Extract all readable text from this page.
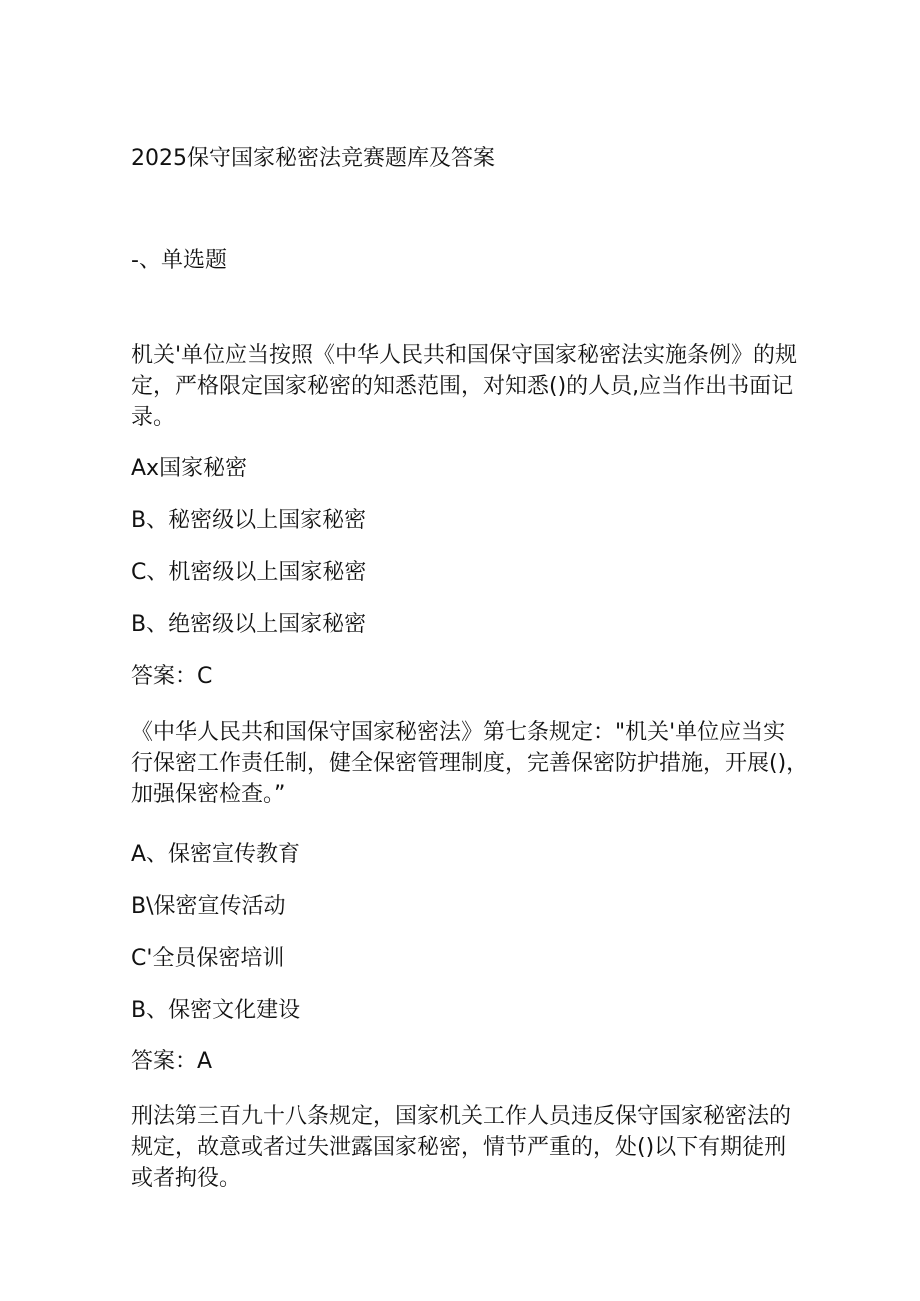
2025保守国家秘密法竞赛题库及答案
-、单选题
机关'单位应当按照《中华人民共和国保守国家秘密法实施条例》的规
定，严格限定国家秘密的知悉范围，对知悉()的人员,应当作出书面记
录。
Ax国家秘密
B、秘密级以上国家秘密
C、机密级以上国家秘密
B、绝密级以上国家秘密
答案：C
《中华人民共和国保守国家秘密法》第七条规定："机关'单位应当实
行保密工作责任制，健全保密管理制度，完善保密防护措施，开展()，
加强保密检查。”
A、保密宣传教育
B\保密宣传活动
C'全员保密培训
B、保密文化建设
答案：A
刑法第三百九十八条规定，国家机关工作人员违反保守国家秘密法的
规定，故意或者过失泄露国家秘密，情节严重的，处()以下有期徒刑
或者拘役。
